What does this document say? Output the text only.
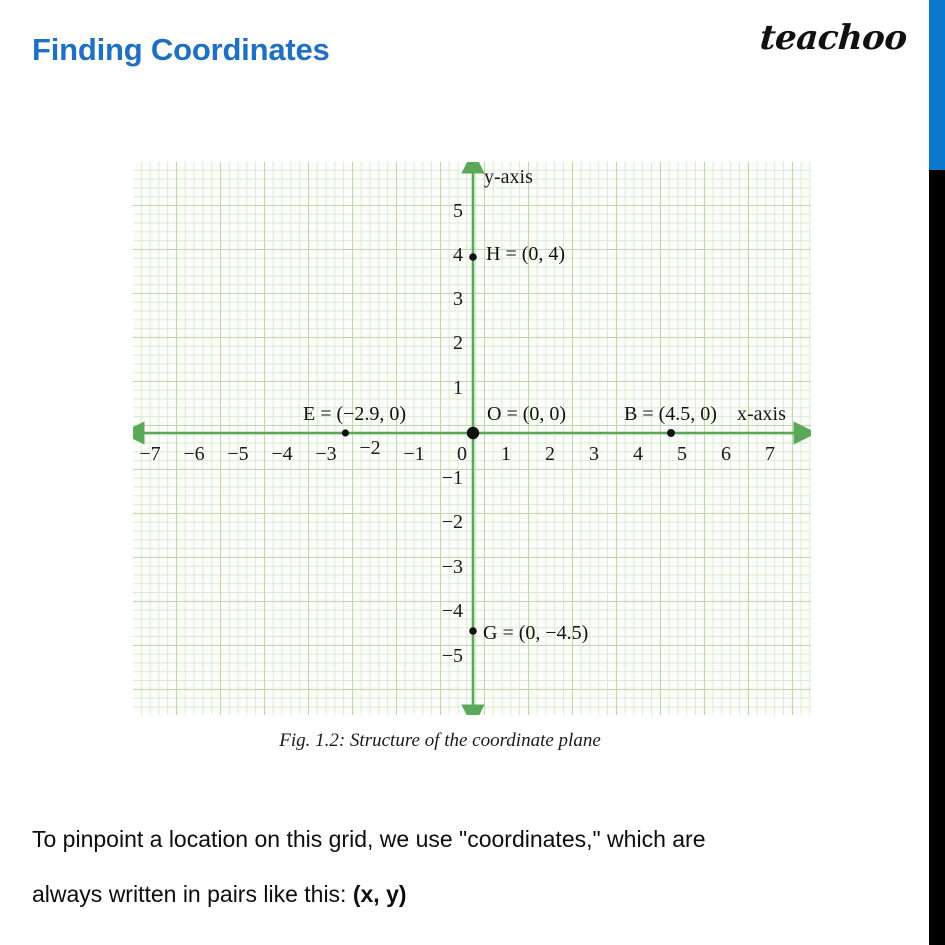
Finding Coordinates	teachoo
y-axis
x-axis
−7 −6 −5 −4 −3 −2 −1	0	1	2	3	4	5	6	7
5
4
3
2
1
−1
−2
−3
−4
−5
E = (−2.9, 0)	O = (0, 0)	B = (4.5, 0)
H = (0, 4)
G = (0, −4.5)
Fig. 1.2: Structure of the coordinate plane
To pinpoint a location on this grid, we use "coordinates," which are
always written in pairs like this: (x, y)
